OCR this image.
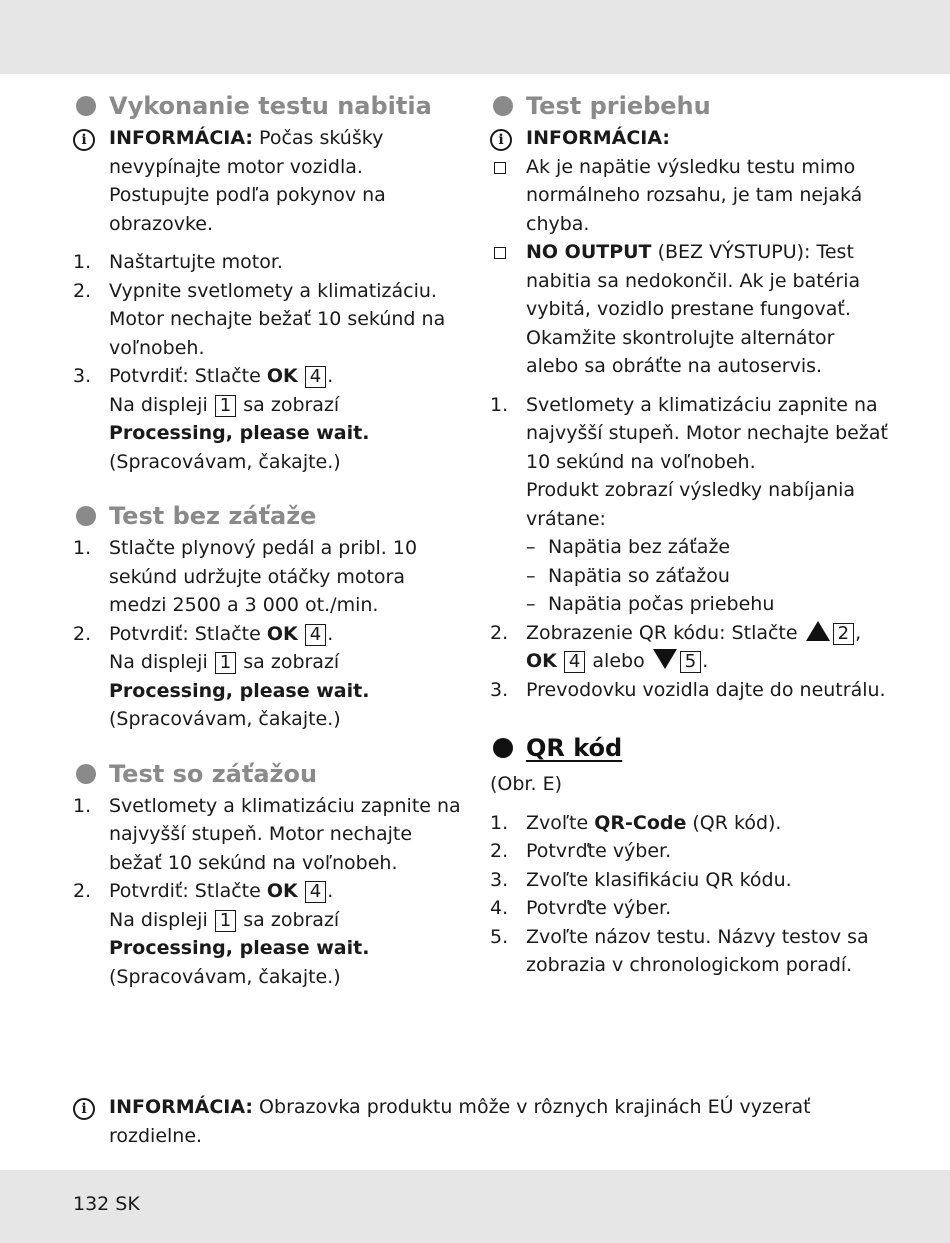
Vykonanie testu nabitia
i	INFORMÁCIA: Počas skúšky nevypínajte motor vozidla. Postupujte podľa pokynov na obrazovke.
1. Naštartujte motor.
2. Vypnite svetlomety a klimatizáciu. Motor nechajte bežať 10 sekúnd na voľnobeh.
3. Potvrdiť: Stlačte OK 4 .
Na displeji 1 sa zobrazí
Processing, please wait.
(Spracovávam, čakajte.)
Test bez záťaže
1. Stlačte plynový pedál a pribl. 10 sekúnd udržujte otáčky motora medzi 2500 a 3 000 ot./min.
2. Potvrdiť: Stlačte OK 4 .
Na displeji 1 sa zobrazí
Processing, please wait.
(Spracovávam, čakajte.)
Test so záťažou
1. Svetlomety a klimatizáciu zapnite na najvyšší stupeň. Motor nechajte bežať 10 sekúnd na voľnobeh.
2. Potvrdiť: Stlačte OK 4 .
Na displeji 1 sa zobrazí
Processing, please wait.
(Spracovávam, čakajte.)
Test priebehu
i	INFORMÁCIA:
Ak je napätie výsledku testu mimo normálneho rozsahu, je tam nejaká chyba.
NO OUTPUT (BEZ VÝSTUPU): Test nabitia sa nedokončil. Ak je batéria vybitá, vozidlo prestane fungovať. Okamžite skontrolujte alternátor alebo sa obráťte na autoservis.
1. Svetlomety a klimatizáciu zapnite na najvyšší stupeň. Motor nechajte bežať 10 sekúnd na voľnobeh.
Produkt zobrazí výsledky nabíjania vrátane:
– Napätia bez záťaže
– Napätia so záťažou
– Napätia počas priebehu
2. Zobrazenie QR kódu: Stlačte 2 ,
OK 4 alebo 5 .
3. Prevodovku vozidla dajte do neutrálu.
QR kód
(Obr. E)
1. Zvoľte QR-Code (QR kód).
2. Potvrďte výber.
3. Zvoľte klasifikáciu QR kódu.
4. Potvrďte výber.
5. Zvoľte názov testu. Názvy testov sa zobrazia v chronologickom poradí.
i	INFORMÁCIA: Obrazovka produktu môže v rôznych krajinách EÚ vyzerať rozdielne.
132 SK
